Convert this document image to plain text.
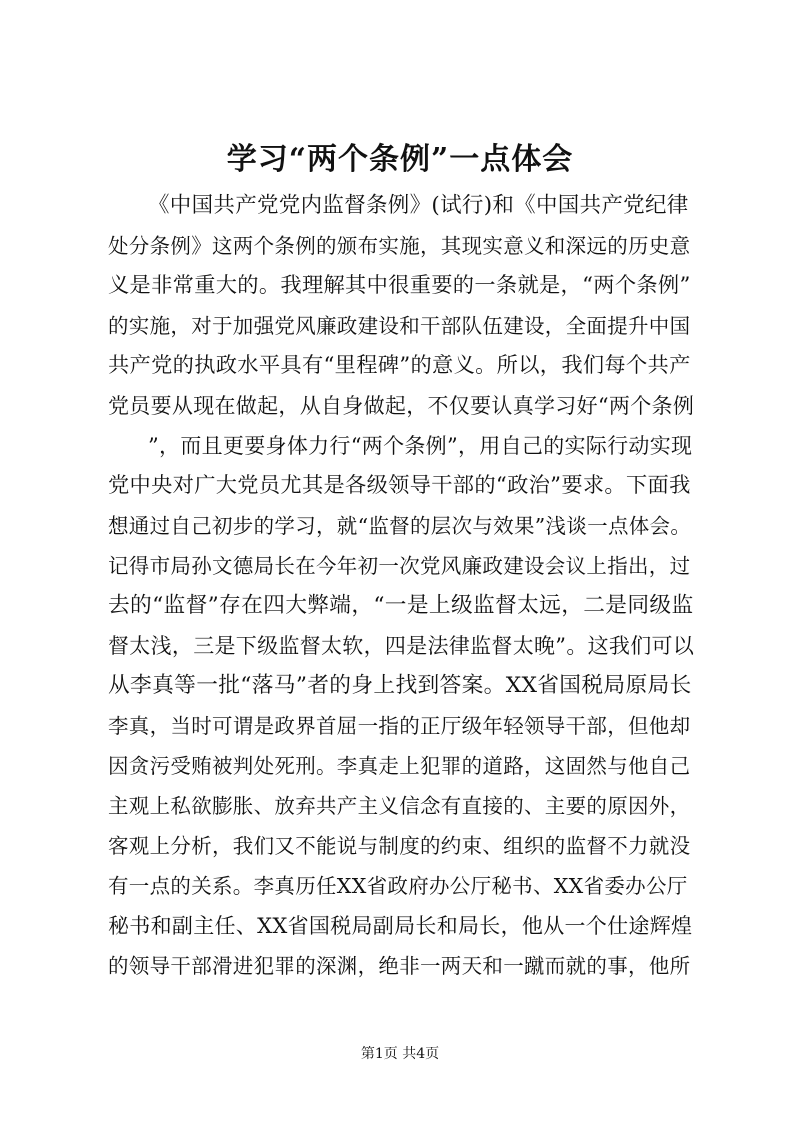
学习“两个条例”一点体会
《中国共产党党内监督条例》(试行)和《中国共产党纪律
处分条例》这两个条例的颁布实施，其现实意义和深远的历史意
义是非常重大的。我理解其中很重要的一条就是，“两个条例”
的实施，对于加强党风廉政建设和干部队伍建设，全面提升中国
共产党的执政水平具有“里程碑”的意义。所以，我们每个共产
党员要从现在做起，从自身做起，不仅要认真学习好“两个条例
”，而且更要身体力行“两个条例”，用自己的实际行动实现
党中央对广大党员尤其是各级领导干部的“政治”要求。下面我
想通过自己初步的学习，就“监督的层次与效果”浅谈一点体会。
记得市局孙文德局长在今年初一次党风廉政建设会议上指出，过
去的“监督”存在四大弊端，“一是上级监督太远，二是同级监
督太浅，三是下级监督太软，四是法律监督太晚”。这我们可以
从李真等一批“落马”者的身上找到答案。XX省国税局原局长
李真，当时可谓是政界首屈一指的正厅级年轻领导干部，但他却
因贪污受贿被判处死刑。李真走上犯罪的道路，这固然与他自己
主观上私欲膨胀、放弃共产主义信念有直接的、主要的原因外，
客观上分析，我们又不能说与制度的约束、组织的监督不力就没
有一点的关系。李真历任XX省政府办公厅秘书、XX省委办公厅
秘书和副主任、XX省国税局副局长和局长，他从一个仕途辉煌
的领导干部滑进犯罪的深渊，绝非一两天和一蹴而就的事，他所
第1页 共4页
